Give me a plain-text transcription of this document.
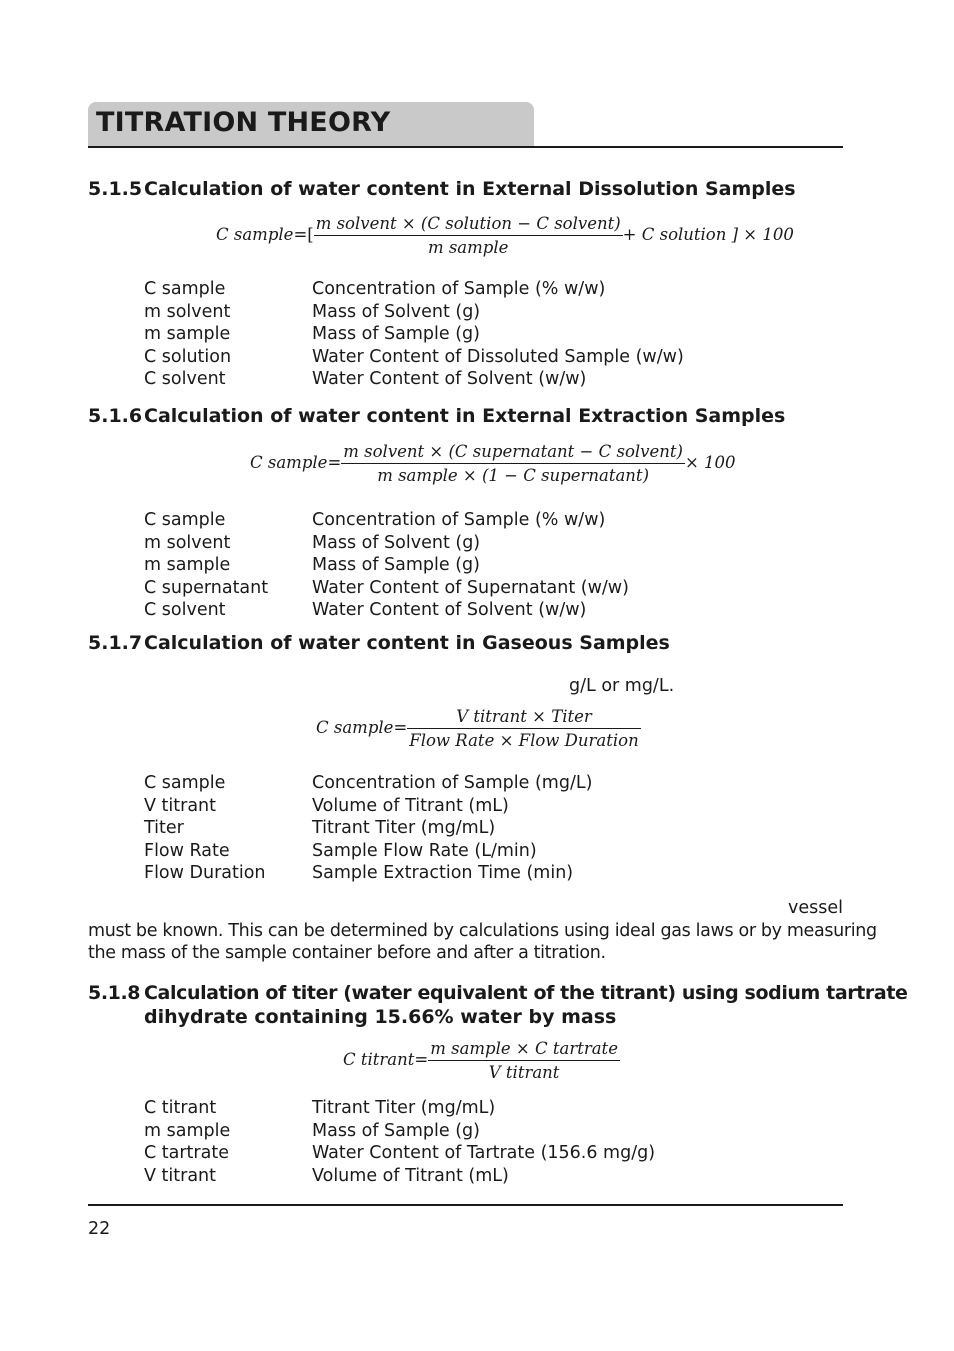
TITRATION THEORY
5.1.5Calculation of water content in External Dissolution Samples
C sample=[ $\frac{\text{m solvent × (C solution − C solvent)}}{\text{m sample}} + C$ solution ] × 100
C sample	Concentration of Sample (% w/w)
m solvent	Mass of Solvent (g)
m sample	Mass of Sample (g)
C solution	Water Content of Dissoluted Sample (w/w)
C solvent	Water Content of Solvent (w/w)
5.1.6Calculation of water content in External Extraction Samples
C sample= $\frac{\text{m solvent × (C supernatant − C solvent)}}{\text{m sample × (1 − C supernatant)}} \times 100$
C sample	Concentration of Sample (% w/w)
m solvent	Mass of Solvent (g)
m sample	Mass of Sample (g)
C supernatant	Water Content of Supernatant (w/w)
C solvent	Water Content of Solvent (w/w)
5.1.7Calculation of water content in Gaseous Samples
g/L or mg/L.
C sample= $\frac{\text{V titrant × Titer}}{\text{Flow Rate × Flow Duration}}$
C sample	Concentration of Sample (mg/L)
V titrant	Volume of Titrant (mL)
Titer	Titrant Titer (mg/mL)
Flow Rate	Sample Flow Rate (L/min)
Flow Duration	Sample Extraction Time (min)
vessel
must be known. This can be determined by calculations using ideal gas laws or by measuring
the mass of the sample container before and after a titration.
5.1.8 Calculation of titer (water equivalent of the titrant) using sodium tartrate
dihydrate containing 15.66% water by mass
C titrant= $\frac{\text{m sample × C tartrate}}{\text{V titrant}}$
C titrant	Titrant Titer (mg/mL)
m sample	Mass of Sample (g)
C tartrate	Water Content of Tartrate (156.6 mg/g)
V titrant	Volume of Titrant (mL)
22
